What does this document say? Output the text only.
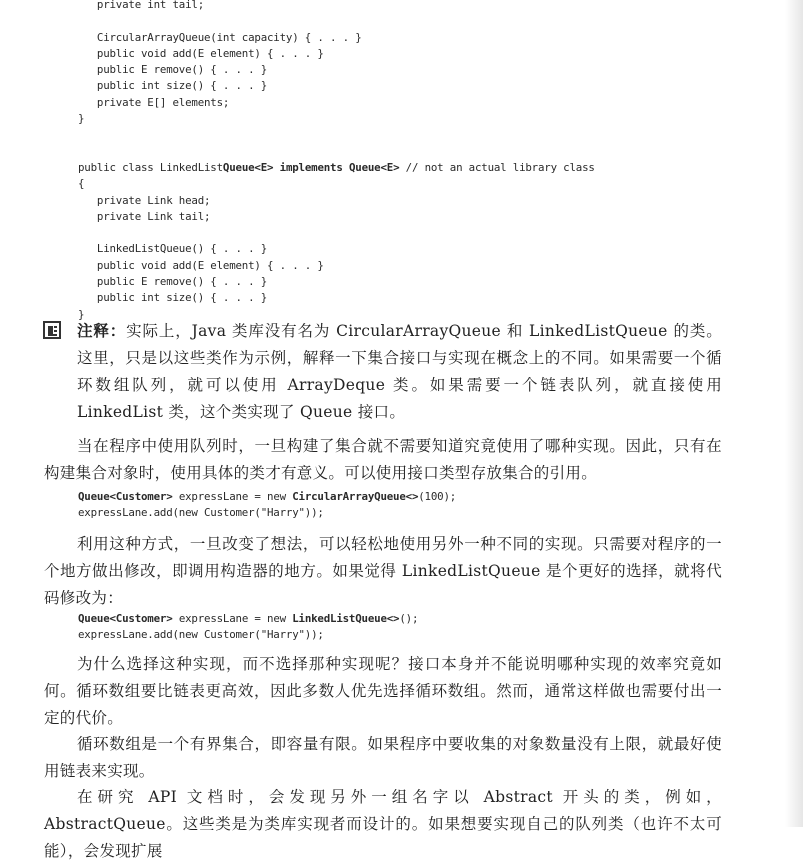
private int tail;

CircularArrayQueue(int capacity) { . . . }
public void add(E element) { . . . }
public E remove() { . . . }
public int size() { . . . }
private E[] elements;
}

public class LinkedListQueue<E> implements Queue<E> // not an actual library class
{
private Link head;
private Link tail;

LinkedListQueue() { . . . }
public void add(E element) { . . . }
public E remove() { . . . }
public int size() { . . . }
}
注释：实际上，Java 类库没有名为 CircularArrayQueue 和 LinkedListQueue 的类。这里，只是以这些类作为示例，解释一下集合接口与实现在概念上的不同。如果需要一个循环数组队列，就可以使用 ArrayDeque 类。如果需要一个链表队列，就直接使用 LinkedList 类，这个类实现了 Queue 接口。
当在程序中使用队列时，一旦构建了集合就不需要知道究竟使用了哪种实现。因此，只有在构建集合对象时，使用具体的类才有意义。可以使用接口类型存放集合的引用。
Queue<Customer> expressLane = new CircularArrayQueue<>(100);
expressLane.add(new Customer("Harry"));
利用这种方式，一旦改变了想法，可以轻松地使用另外一种不同的实现。只需要对程序的一个地方做出修改，即调用构造器的地方。如果觉得 LinkedListQueue 是个更好的选择，就将代码修改为：
Queue<Customer> expressLane = new LinkedListQueue<>();
expressLane.add(new Customer("Harry"));
为什么选择这种实现，而不选择那种实现呢？接口本身并不能说明哪种实现的效率究竟如何。循环数组要比链表更高效，因此多数人优先选择循环数组。然而，通常这样做也需要付出一定的代价。
循环数组是一个有界集合，即容量有限。如果程序中要收集的对象数量没有上限，就最好使用链表来实现。
在研究 API 文档时，会发现另外一组名字以 Abstract 开头的类，例如，AbstractQueue。这些类是为类库实现者而设计的。如果想要实现自己的队列类（也许不太可能），会发现扩展
